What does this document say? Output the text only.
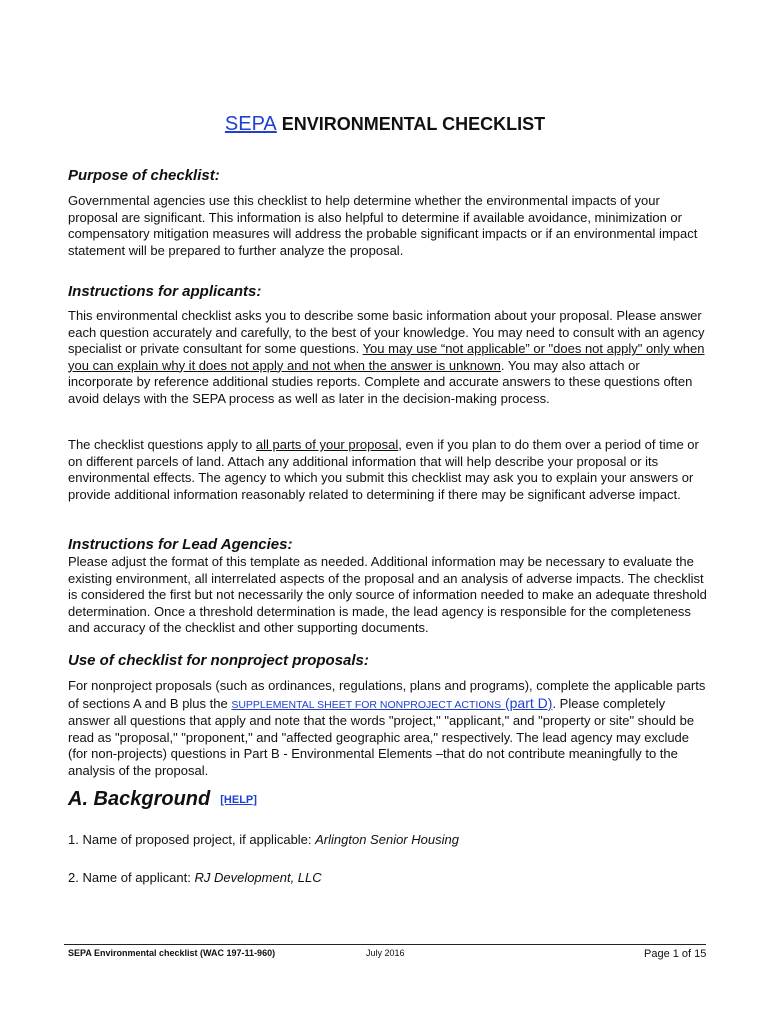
SEPA ENVIRONMENTAL CHECKLIST
Purpose of checklist:

Governmental agencies use this checklist to help determine whether the environmental impacts of your proposal are significant. This information is also helpful to determine if available avoidance, minimization or compensatory mitigation measures will address the probable significant impacts or if an environmental impact statement will be prepared to further analyze the proposal.

Instructions for applicants:

This environmental checklist asks you to describe some basic information about your proposal. Please answer each question accurately and carefully, to the best of your knowledge. You may need to consult with an agency specialist or private consultant for some questions. You may use “not applicable” or "does not apply" only when you can explain why it does not apply and not when the answer is unknown. You may also attach or incorporate by reference additional studies reports. Complete and accurate answers to these questions often avoid delays with the SEPA process as well as later in the decision-making process.

The checklist questions apply to all parts of your proposal, even if you plan to do them over a period of time or on different parcels of land. Attach any additional information that will help describe your proposal or its environmental effects. The agency to which you submit this checklist may ask you to explain your answers or provide additional information reasonably related to determining if there may be significant adverse impact.

Instructions for Lead Agencies:

Please adjust the format of this template as needed. Additional information may be necessary to evaluate the existing environment, all interrelated aspects of the proposal and an analysis of adverse impacts. The checklist is considered the first but not necessarily the only source of information needed to make an adequate threshold determination. Once a threshold determination is made, the lead agency is responsible for the completeness and accuracy of the checklist and other supporting documents.

Use of checklist for nonproject proposals:

For nonproject proposals (such as ordinances, regulations, plans and programs), complete the applicable parts of sections A and B plus the SUPPLEMENTAL SHEET FOR NONPROJECT ACTIONS (part D). Please completely answer all questions that apply and note that the words "project," "applicant," and "property or site" should be read as "proposal," "proponent," and "affected geographic area," respectively. The lead agency may exclude (for non-projects) questions in Part B - Environmental Elements –that do not contribute meaningfully to the analysis of the proposal.

A. Background [HELP]

1. Name of proposed project, if applicable: Arlington Senior Housing

2. Name of applicant: RJ Development, LLC

SEPA Environmental checklist (WAC 197-11-960)	July 2016	Page 1 of 15
